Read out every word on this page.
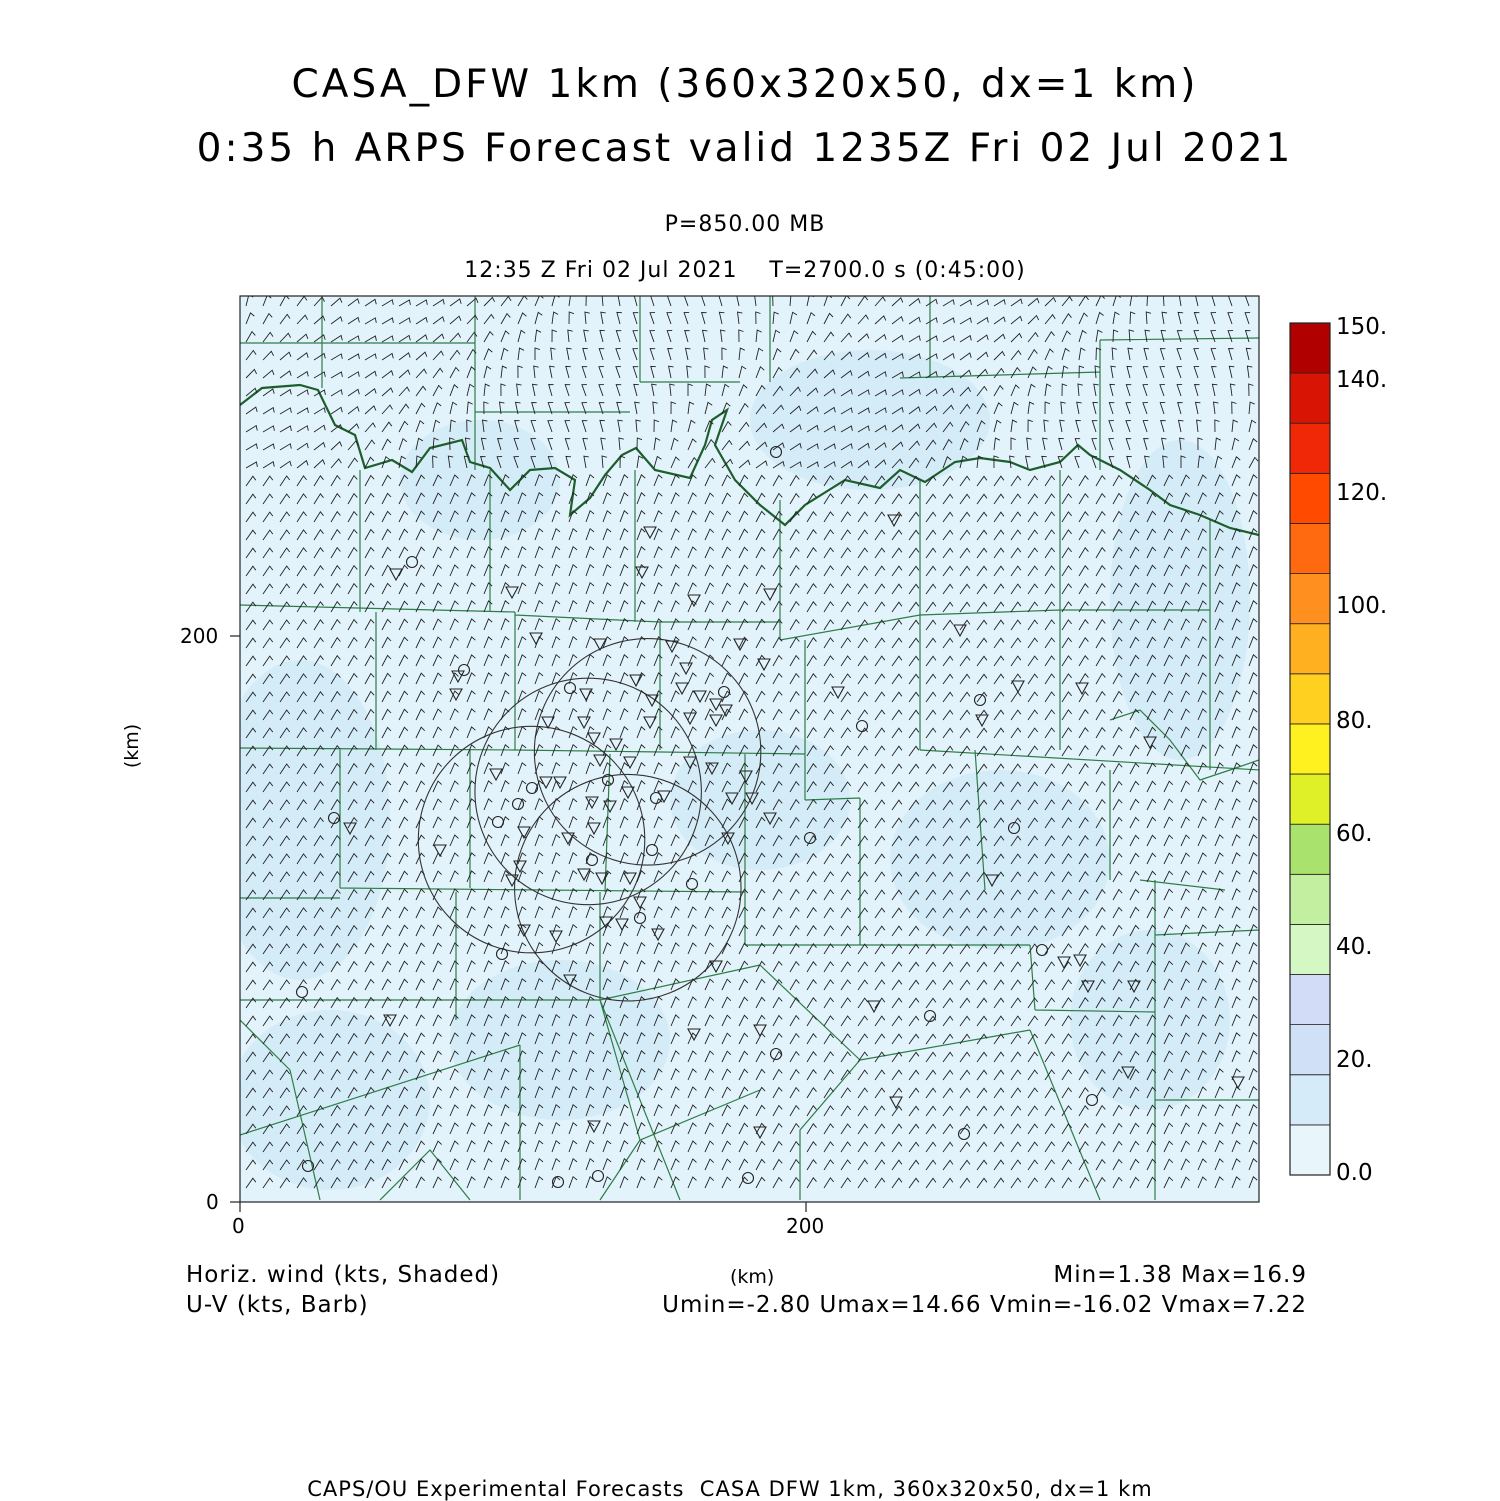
CASA_DFW 1km (360x320x50, dx=1 km)
0:35 h ARPS Forecast valid 1235Z Fri 02 Jul 2021
P=850.00 MB
12:35 Z Fri 02 Jul 2021    T=2700.0 s (0:45:00)
(km)
0
200
0	200
0.0
20.
40.
60.
80.
100.
120.
140.
150.
Horiz. wind (kts, Shaded)
U-V (kts, Barb)
(km)	Min=1.38 Max=16.9
Umin=-2.80 Umax=14.66 Vmin=-16.02 Vmax=7.22
CAPS/OU Experimental Forecasts  CASA DFW 1km, 360x320x50, dx=1 km
